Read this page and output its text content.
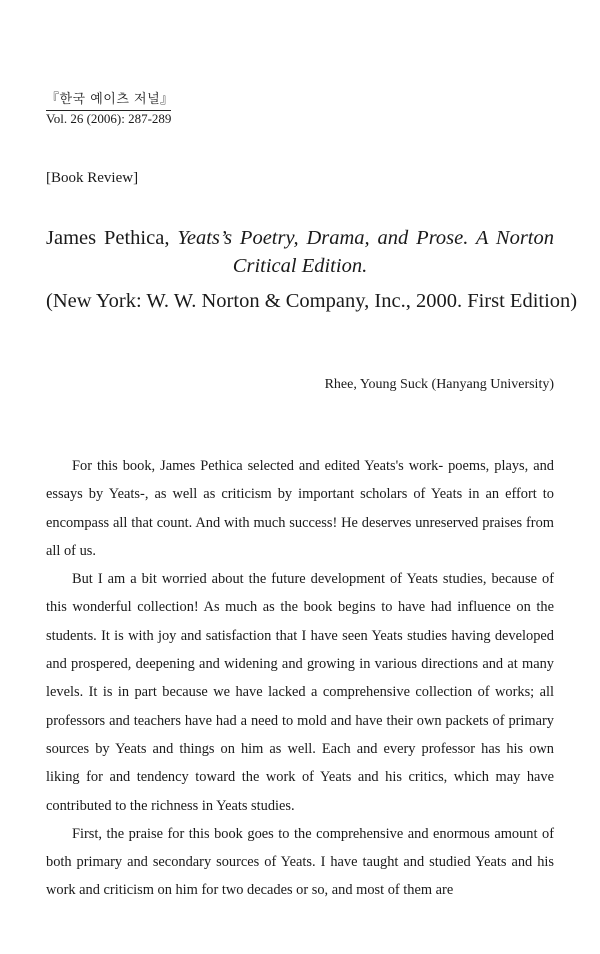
『한국 예이츠 저널』
Vol. 26 (2006): 287-289
[Book Review]
James Pethica, Yeats’s Poetry, Drama, and Prose. A Norton Critical Edition.
(New York: W. W. Norton & Company, Inc., 2000. First Edition)
Rhee, Young Suck (Hanyang University)

For this book, James Pethica selected and edited Yeats's work- poems, plays, and essays by Yeats-, as well as criticism by important scholars of Yeats in an effort to encompass all that count. And with much success! He deserves unreserved praises from all of us.

But I am a bit worried about the future development of Yeats studies, because of this wonderful collection! As much as the book begins to have had influence on the students. It is with joy and satisfaction that I have seen Yeats studies having developed and prospered, deepening and widening and growing in various directions and at many levels. It is in part because we have lacked a comprehensive collection of works; all professors and teachers have had a need to mold and have their own packets of primary sources by Yeats and things on him as well. Each and every professor has his own liking for and tendency toward the work of Yeats and his critics, which may have contributed to the richness in Yeats studies.

First, the praise for this book goes to the comprehensive and enormous amount of both primary and secondary sources of Yeats. I have taught and studied Yeats and his work and criticism on him for two decades or so, and most of them are
